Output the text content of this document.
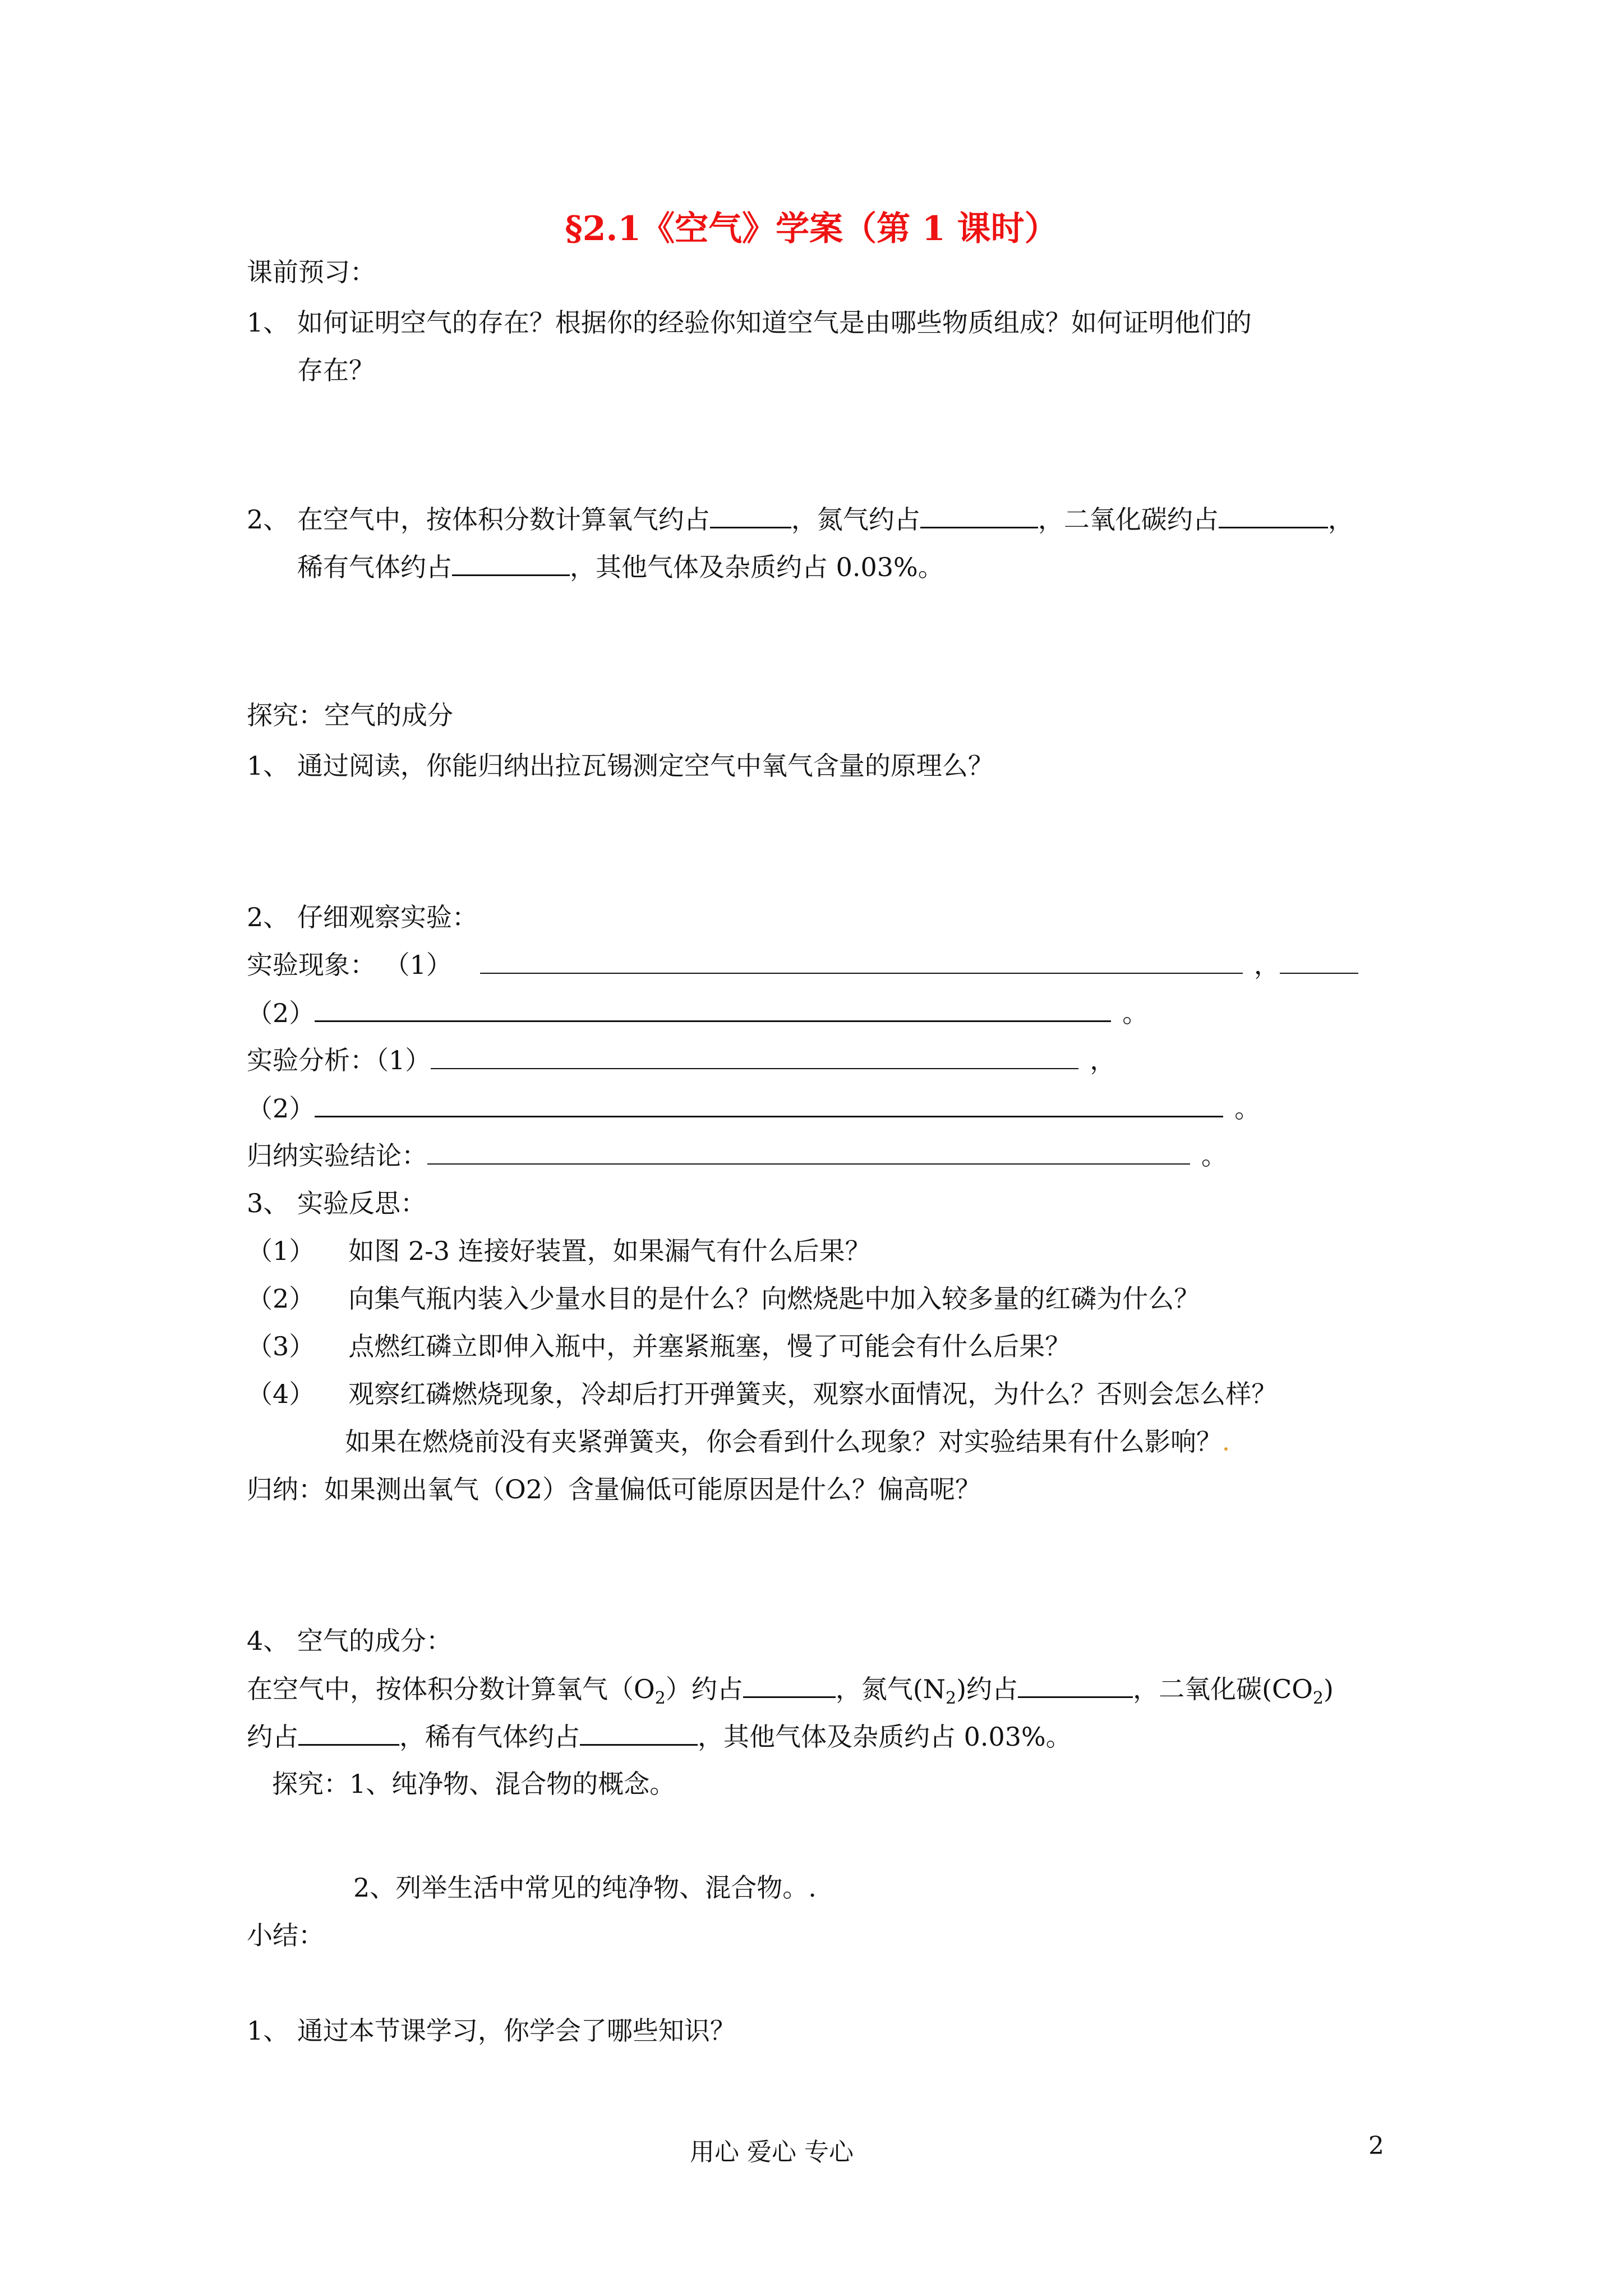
§2.1《空气》学案（第 1 课时）
课前预习：
1、 如何证明空气的存在？根据你的经验你知道空气是由哪些物质组成？如何证明他们的
存在？
2、 在空气中，按体积分数计算氧气约占	，氮气约占	，二氧化碳约占	，
稀有气体约占	，其他气体及杂质约占 0.03%。
探究：空气的成分
1、 通过阅读，你能归纳出拉瓦锡测定空气中氧气含量的原理么？
2、 仔细观察实验：
实验现象： （1）	，
（2）	。
实验分析：（1）	，
（2）	。
归纳实验结论：	。
3、 实验反思：
（1） 如图 2-3 连接好装置，如果漏气有什么后果？
（2） 向集气瓶内装入少量水目的是什么？向燃烧匙中加入较多量的红磷为什么？
（3） 点燃红磷立即伸入瓶中，并塞紧瓶塞，慢了可能会有什么后果？
（4） 观察红磷燃烧现象，冷却后打开弹簧夹，观察水面情况，为什么？否则会怎么样？
如果在燃烧前没有夹紧弹簧夹，你会看到什么现象？对实验结果有什么影响？
归纳：如果测出氧气（O2）含量偏低可能原因是什么？偏高呢？
4、 空气的成分：
在空气中，按体积分数计算氧气$(O_2)$约占	，氮气$(N_2)$约占	，二氧化碳$(CO_2)$
约占	，稀有气体约占	，其他气体及杂质约占 0.03%。
探究：1、纯净物、混合物的概念。
2、列举生活中常见的纯净物、混合物。.
小结：
1、 通过本节课学习，你学会了哪些知识？
用心 爱心 专心	2
